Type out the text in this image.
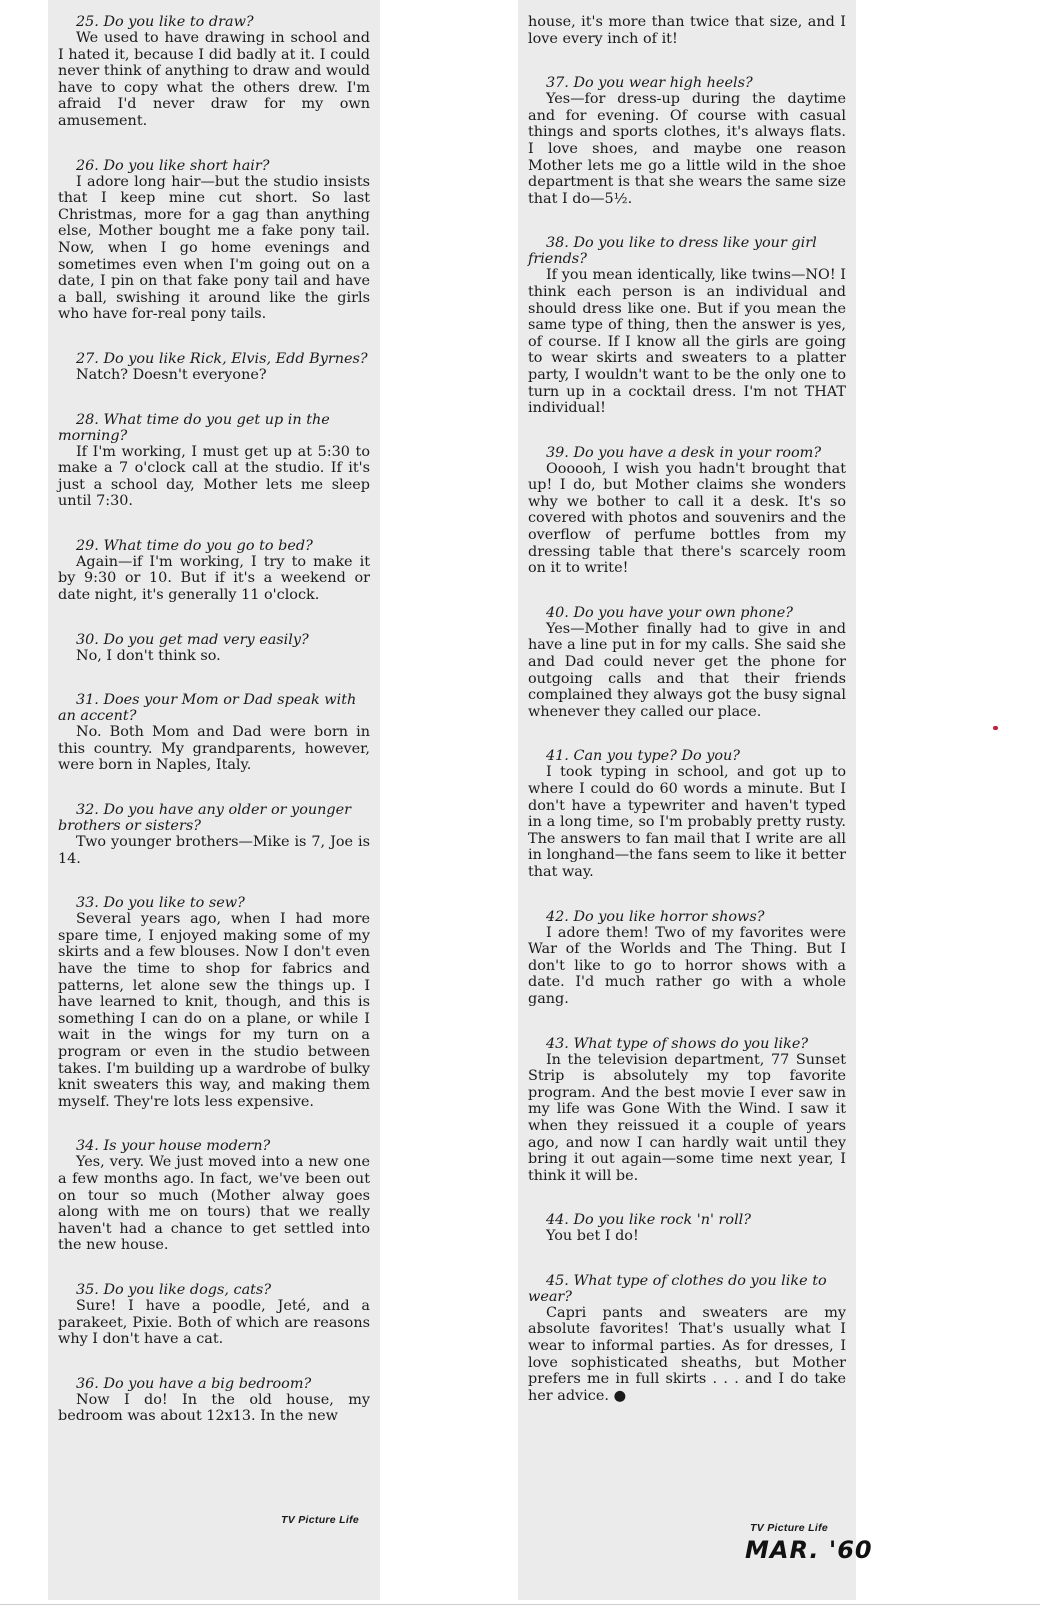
25. Do you like to draw?

We used to have drawing in school and I hated it, because I did badly at it. I could never think of anything to draw and would have to copy what the others drew. I'm afraid I'd never draw for my own amusement.

26. Do you like short hair?

I adore long hair—but the studio insists that I keep mine cut short. So last Christmas, more for a gag than anything else, Mother bought me a fake pony tail. Now, when I go home evenings and sometimes even when I'm going out on a date, I pin on that fake pony tail and have a ball, swishing it around like the girls who have for-real pony tails.

27. Do you like Rick, Elvis, Edd Byrnes?

Natch? Doesn't everyone?

28. What time do you get up in the morning?

If I'm working, I must get up at 5:30 to make a 7 o'clock call at the studio. If it's just a school day, Mother lets me sleep until 7:30.

29. What time do you go to bed?

Again—if I'm working, I try to make it by 9:30 or 10. But if it's a weekend or date night, it's generally 11 o'clock.

30. Do you get mad very easily?

No, I don't think so.

31. Does your Mom or Dad speak with an accent?

No. Both Mom and Dad were born in this country. My grandparents, however, were born in Naples, Italy.

32. Do you have any older or younger brothers or sisters?

Two younger brothers—Mike is 7, Joe is 14.

33. Do you like to sew?

Several years ago, when I had more spare time, I enjoyed making some of my skirts and a few blouses. Now I don't even have the time to shop for fabrics and patterns, let alone sew the things up. I have learned to knit, though, and this is something I can do on a plane, or while I wait in the wings for my turn on a program or even in the studio between takes. I'm building up a wardrobe of bulky knit sweaters this way, and making them myself. They're lots less expensive.

34. Is your house modern?

Yes, very. We just moved into a new one a few months ago. In fact, we've been out on tour so much (Mother alway goes along with me on tours) that we really haven't had a chance to get settled into the new house.

35. Do you like dogs, cats?

Sure! I have a poodle, Jeté, and a parakeet, Pixie. Both of which are reasons why I don't have a cat.

36. Do you have a big bedroom?

Now I do! In the old house, my bedroom was about 12x13. In the new

house, it's more than twice that size, and I love every inch of it!

37. Do you wear high heels?

Yes—for dress-up during the daytime and for evening. Of course with casual things and sports clothes, it's always flats. I love shoes, and maybe one reason Mother lets me go a little wild in the shoe department is that she wears the same size that I do—5½.

38. Do you like to dress like your girl friends?

If you mean identically, like twins—NO! I think each person is an individual and should dress like one. But if you mean the same type of thing, then the answer is yes, of course. If I know all the girls are going to wear skirts and sweaters to a platter party, I wouldn't want to be the only one to turn up in a cocktail dress. I'm not THAT individual!

39. Do you have a desk in your room?

Oooooh, I wish you hadn't brought that up! I do, but Mother claims she wonders why we bother to call it a desk. It's so covered with photos and souvenirs and the overflow of perfume bottles from my dressing table that there's scarcely room on it to write!

40. Do you have your own phone?

Yes—Mother finally had to give in and have a line put in for my calls. She said she and Dad could never get the phone for outgoing calls and that their friends complained they always got the busy signal whenever they called our place.

41. Can you type? Do you?

I took typing in school, and got up to where I could do 60 words a minute. But I don't have a typewriter and haven't typed in a long time, so I'm probably pretty rusty. The answers to fan mail that I write are all in longhand—the fans seem to like it better that way.

42. Do you like horror shows?

I adore them! Two of my favorites were War of the Worlds and The Thing. But I don't like to go to horror shows with a date. I'd much rather go with a whole gang.

43. What type of shows do you like?

In the television department, 77 Sunset Strip is absolutely my top favorite program. And the best movie I ever saw in my life was Gone With the Wind. I saw it when they reissued it a couple of years ago, and now I can hardly wait until they bring it out again—some time next year, I think it will be.

44. Do you like rock 'n' roll?

You bet I do!

45. What type of clothes do you like to wear?

Capri pants and sweaters are my absolute favorites! That's usually what I wear to informal parties. As for dresses, I love sophisticated sheaths, but Mother prefers me in full skirts . . . and I do take her advice. ●

TV Picture Life
TV Picture Life
MAR. '60
